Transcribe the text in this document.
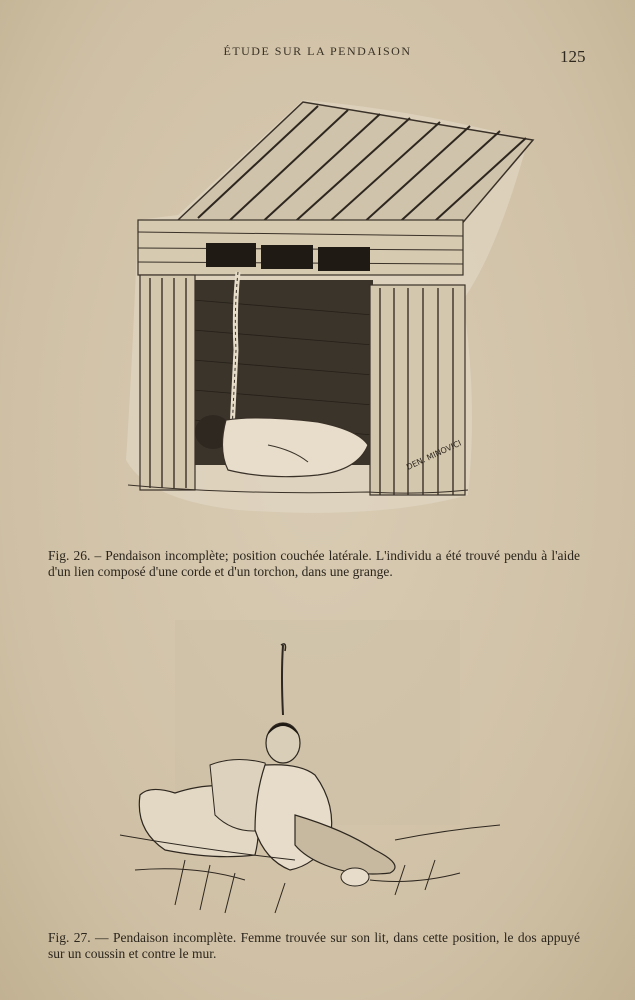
ÉTUDE SUR LA PENDAISON	125
DEN. MINOVICI
Fig. 26. – Pendaison incomplète; position couchée latérale. L'individu a été trouvé pendu à l'aide d'un lien composé d'une corde et d'un torchon, dans une grange.
Fig. 27. — Pendaison incomplète. Femme trouvée sur son lit, dans cette position, le dos appuyé sur un coussin et contre le mur.
